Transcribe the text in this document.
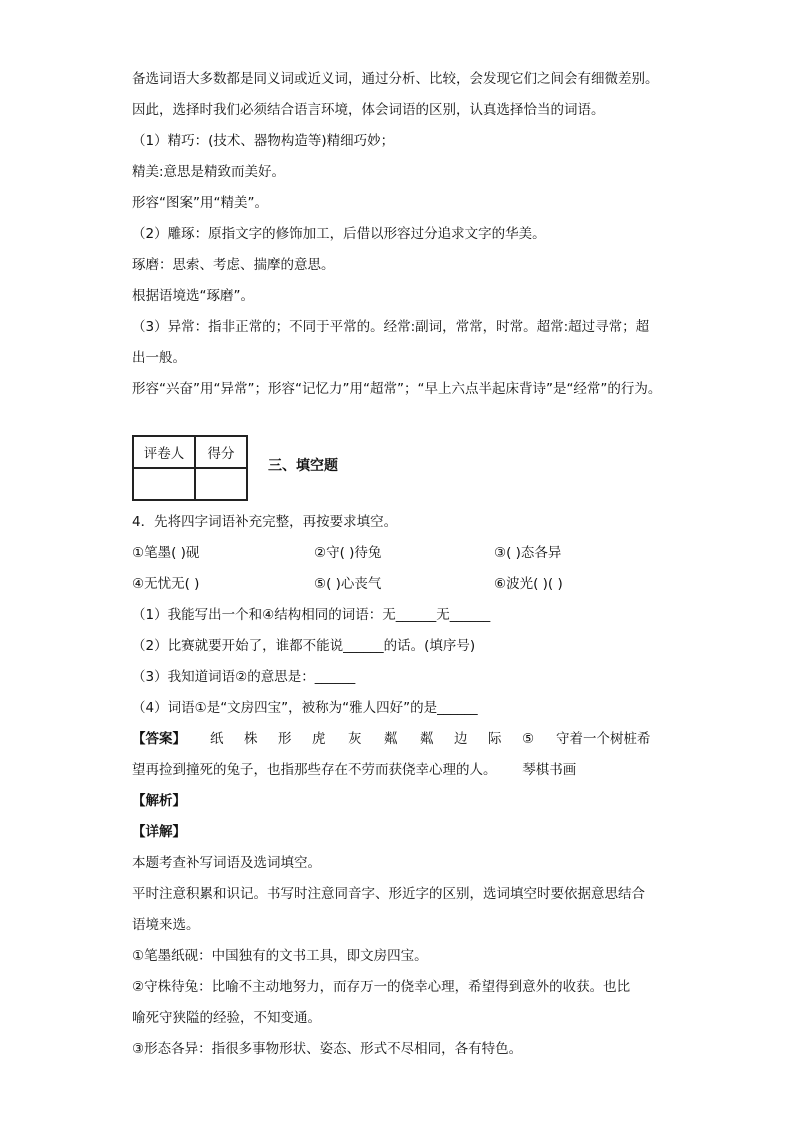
备选词语大多数都是同义词或近义词，通过分析、比较，会发现它们之间会有细微差别。
因此，选择时我们必须结合语言环境，体会词语的区别，认真选择恰当的词语。
（1）精巧：(技术、器物构造等)精细巧妙；
精美:意思是精致而美好。
形容“图案”用“精美”。
（2）雕琢：原指文字的修饰加工，后借以形容过分追求文字的华美。
琢磨：思索、考虑、揣摩的意思。
根据语境选“琢磨”。
（3）异常：指非正常的；不同于平常的。经常:副词，常常，时常。超常:超过寻常；超
出一般。
形容“兴奋”用“异常”；形容“记忆力”用“超常”；“早上六点半起床背诗”是“经常”的行为。
评卷人	得分

三、填空题
4．先将四字词语补充完整，再按要求填空。
①笔墨( )砚	②守( )待兔	③( )态各异
④无忧无( )	⑤( )心丧气	⑥波光( )( )
（1）我能写出一个和④结构相同的词语：无______无______
（2）比赛就要开始了，谁都不能说______的话。(填序号)
（3）我知道词语②的意思是：______
（4）词语①是“文房四宝”，被称为“雅人四好”的是______
【答案】 纸 株 形 虎 灰 粼 粼 边 际 ⑤ 守着一个树桩希
望再捡到撞死的兔子，也指那些存在不劳而获侥幸心理的人。      琴棋书画
【解析】
【详解】
本题考查补写词语及选词填空。
平时注意积累和识记。书写时注意同音字、形近字的区别，选词填空时要依据意思结合
语境来选。
①笔墨纸砚：中国独有的文书工具，即文房四宝。
②守株待兔：比喻不主动地努力，而存万一的侥幸心理，希望得到意外的收获。也比
喻死守狭隘的经验，不知变通。
③形态各异：指很多事物形状、姿态、形式不尽相同，各有特色。
